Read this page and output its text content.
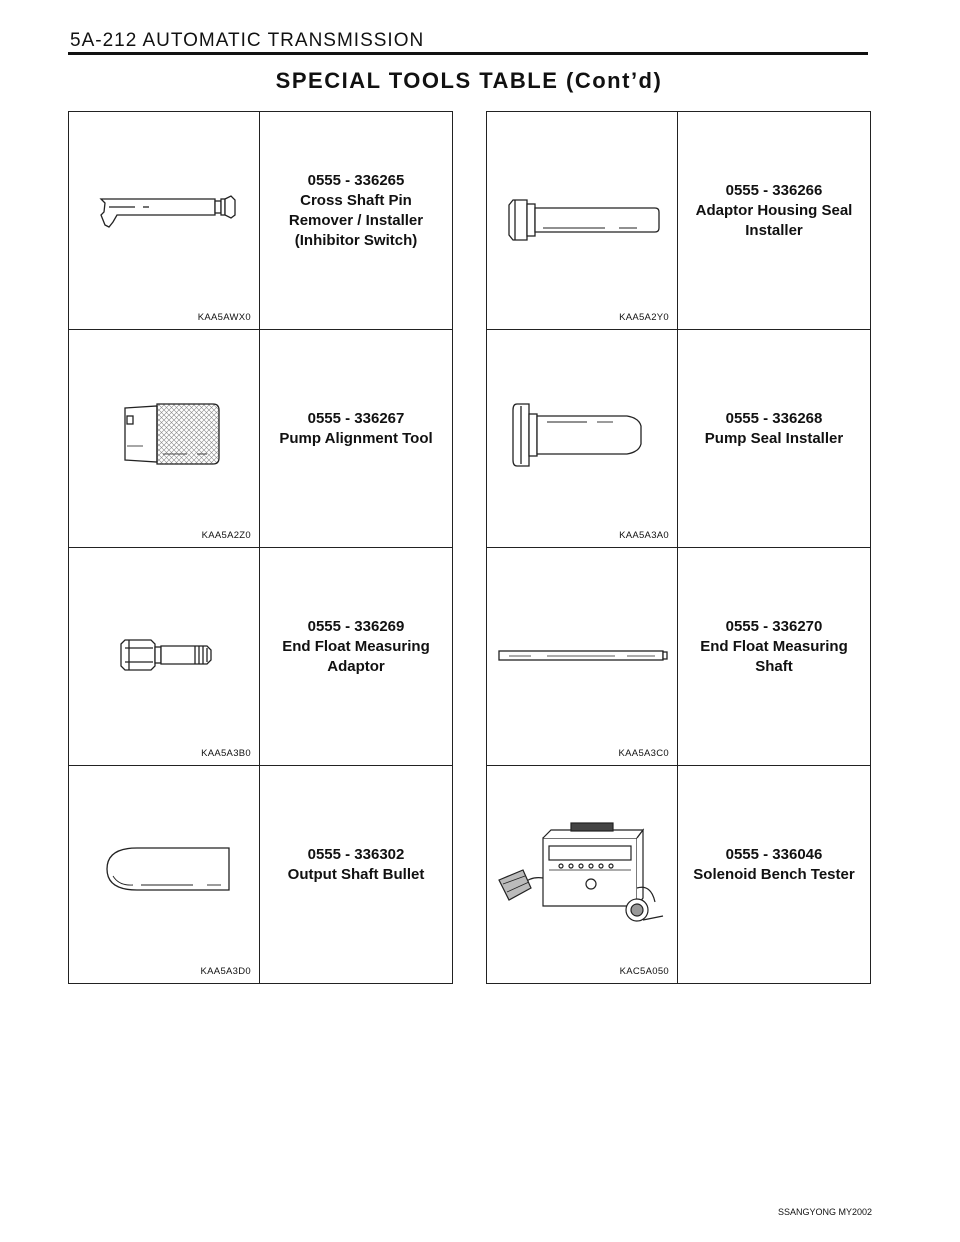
5A-212 AUTOMATIC TRANSMISSION
SPECIAL TOOLS TABLE (Cont’d)
KAA5AWX0
0555 - 336265
Cross Shaft Pin
Remover / Installer
(Inhibitor Switch)
KAA5A2Z0
0555 - 336267
Pump Alignment Tool
KAA5A3B0
0555 - 336269
End Float Measuring
Adaptor
KAA5A3D0
0555 - 336302
Output Shaft Bullet
KAA5A2Y0
0555 - 336266
Adaptor Housing Seal
Installer
KAA5A3A0
0555 - 336268
Pump Seal Installer
KAA5A3C0
0555 - 336270
End Float Measuring
Shaft
KAC5A050
0555 - 336046
Solenoid Bench Tester
SSANGYONG MY2002
